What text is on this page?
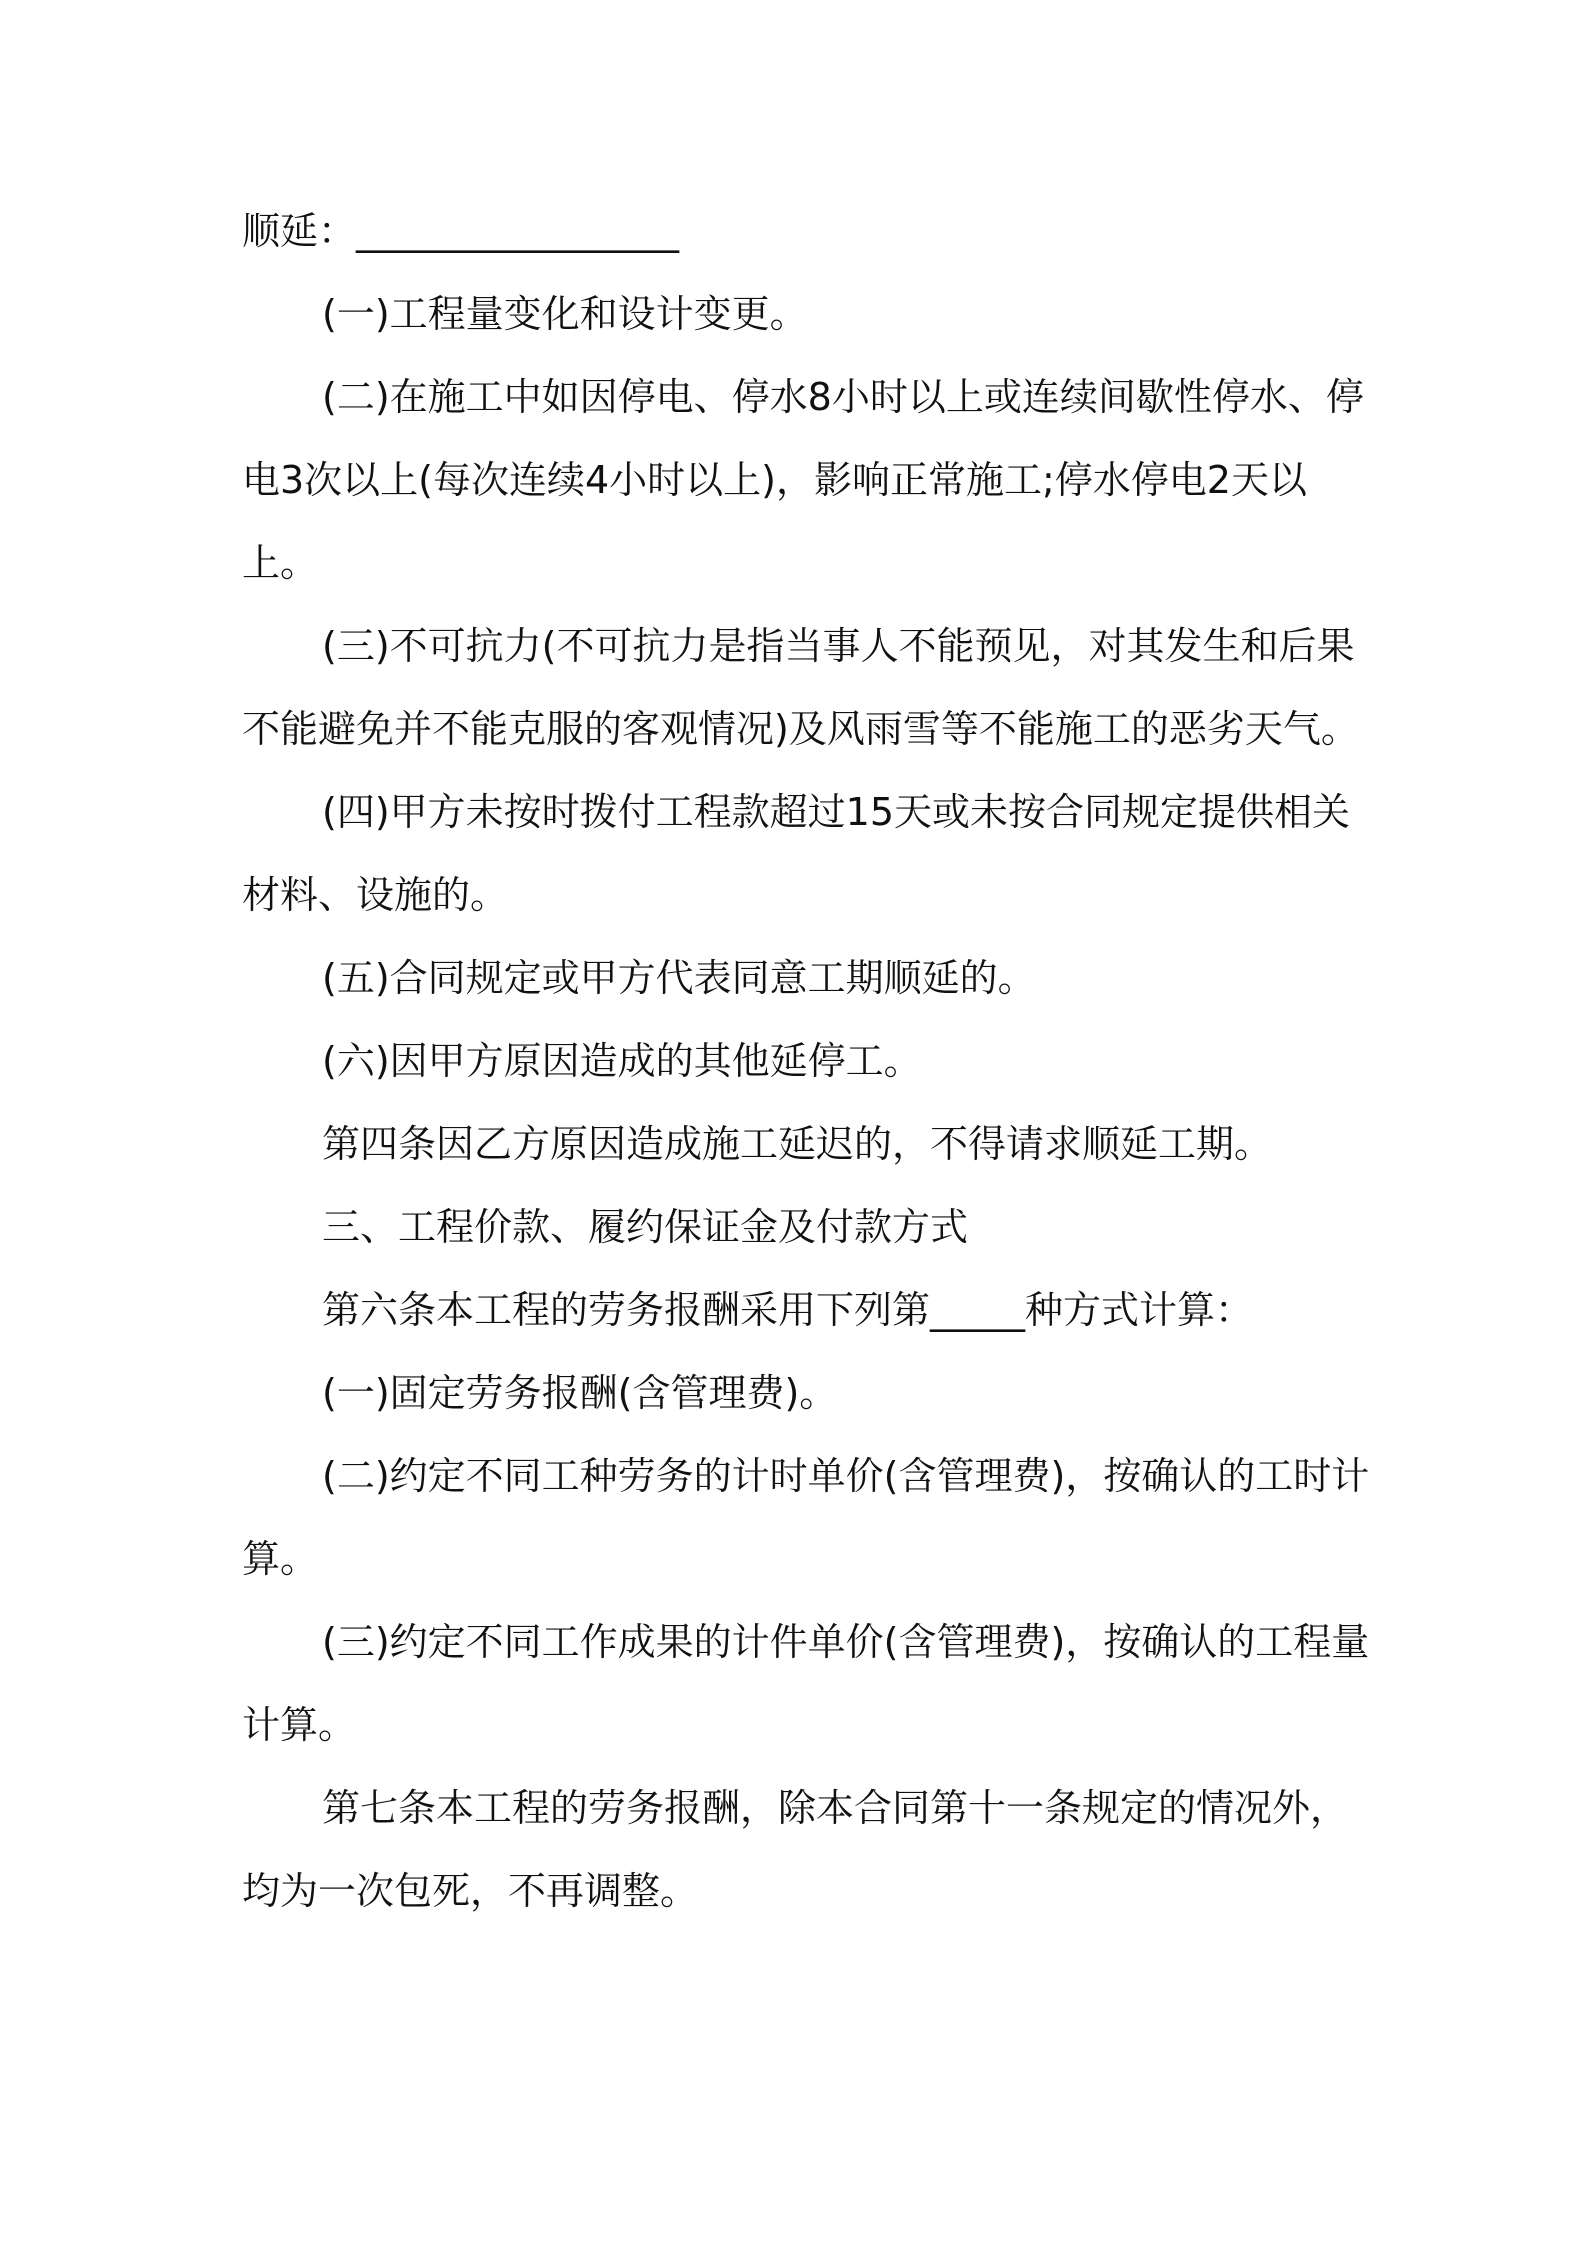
顺延：_________________

(一)工程量变化和设计变更。

(二)在施工中如因停电、停水8小时以上或连续间歇性停水、停电3次以上(每次连续4小时以上)，影响正常施工;停水停电2天以上。

(三)不可抗力(不可抗力是指当事人不能预见，对其发生和后果不能避免并不能克服的客观情况)及风雨雪等不能施工的恶劣天气。

(四)甲方未按时拨付工程款超过15天或未按合同规定提供相关材料、设施的。

(五)合同规定或甲方代表同意工期顺延的。

(六)因甲方原因造成的其他延停工。

第四条因乙方原因造成施工延迟的，不得请求顺延工期。

三、工程价款、履约保证金及付款方式

第六条本工程的劳务报酬采用下列第_____种方式计算：

(一)固定劳务报酬(含管理费)。

(二)约定不同工种劳务的计时单价(含管理费)，按确认的工时计算。

(三)约定不同工作成果的计件单价(含管理费)，按确认的工程量计算。

第七条本工程的劳务报酬，除本合同第十一条规定的情况外，均为一次包死，不再调整。
